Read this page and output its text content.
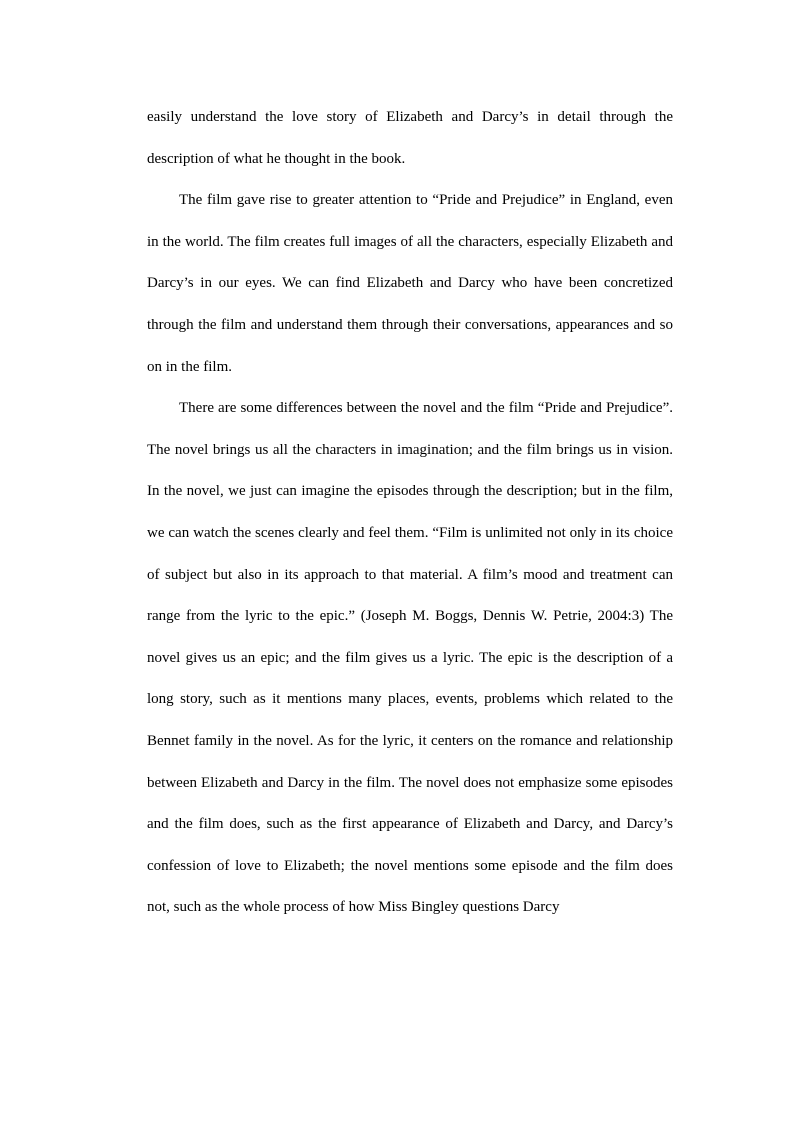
easily understand the love story of Elizabeth and Darcy’s in detail through the description of what he thought in the book.

The film gave rise to greater attention to “Pride and Prejudice” in England, even in the world. The film creates full images of all the characters, especially Elizabeth and Darcy’s in our eyes. We can find Elizabeth and Darcy who have been concretized through the film and understand them through their conversations, appearances and so on in the film.

There are some differences between the novel and the film “Pride and Prejudice”. The novel brings us all the characters in imagination; and the film brings us in vision. In the novel, we just can imagine the episodes through the description; but in the film, we can watch the scenes clearly and feel them. “Film is unlimited not only in its choice of subject but also in its approach to that material. A film’s mood and treatment can range from the lyric to the epic.” (Joseph M. Boggs, Dennis W. Petrie, 2004:3) The novel gives us an epic; and the film gives us a lyric. The epic is the description of a long story, such as it mentions many places, events, problems which related to the Bennet family in the novel. As for the lyric, it centers on the romance and relationship between Elizabeth and Darcy in the film. The novel does not emphasize some episodes and the film does, such as the first appearance of Elizabeth and Darcy, and Darcy’s confession of love to Elizabeth; the novel mentions some episode and the film does not, such as the whole process of how Miss Bingley questions Darcy
